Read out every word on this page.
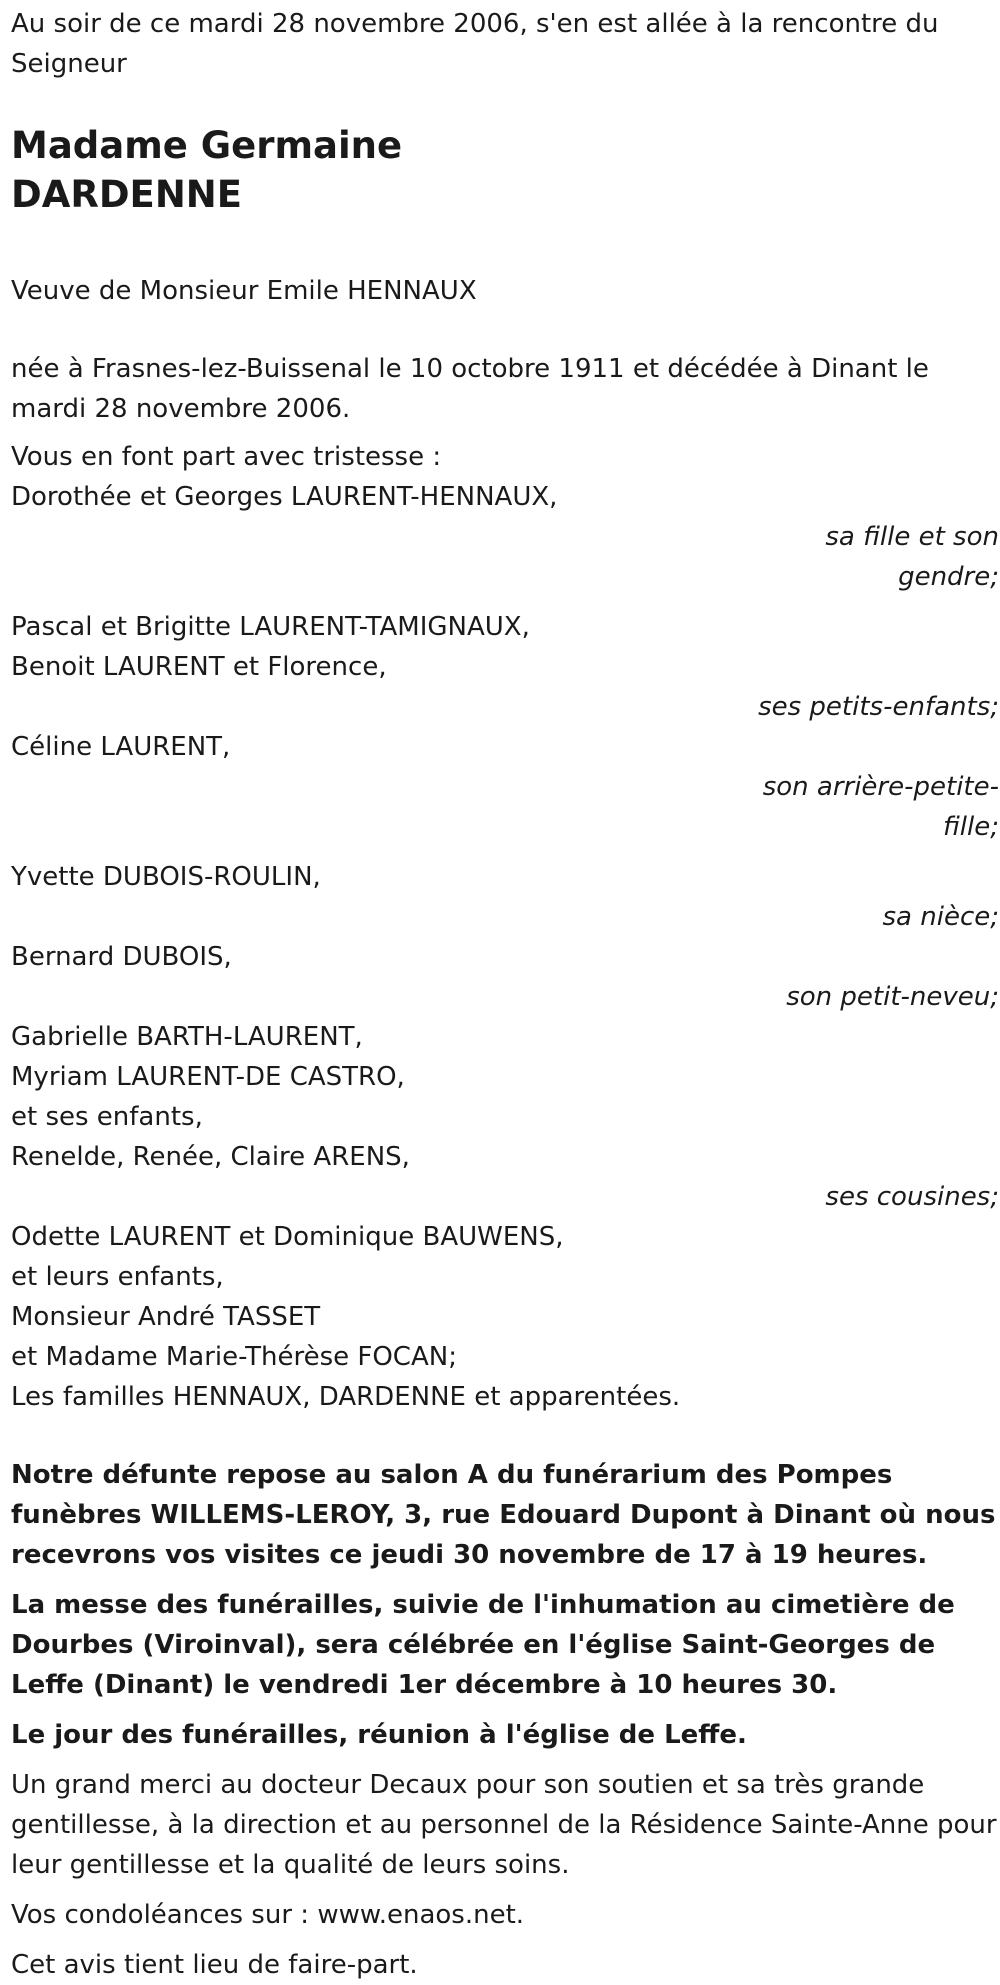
Au soir de ce mardi 28 novembre 2006, s'en est allée à la rencontre du Seigneur

Madame Germaine
DARDENNE

Veuve de Monsieur Emile HENNAUX

née à Frasnes-lez-Buissenal le 10 octobre 1911 et décédée à Dinant le mardi 28 novembre 2006.

Vous en font part avec tristesse :

Dorothée et Georges LAURENT-HENNAUX,
sa fille et son gendre;
Pascal et Brigitte LAURENT-TAMIGNAUX,
Benoit LAURENT et Florence,
ses petits-enfants;
Céline LAURENT,
son arrière-petite-fille;
Yvette DUBOIS-ROULIN,
sa nièce;
Bernard DUBOIS,
son petit-neveu;
Gabrielle BARTH-LAURENT,
Myriam LAURENT-DE CASTRO,
et ses enfants,
Renelde, Renée, Claire ARENS,
ses cousines;
Odette LAURENT et Dominique BAUWENS,
et leurs enfants,
Monsieur André TASSET
et Madame Marie-Thérèse FOCAN;
Les familles HENNAUX, DARDENNE et apparentées.

Notre défunte repose au salon A du funérarium des Pompes funèbres WILLEMS-LEROY, 3, rue Edouard Dupont à Dinant où nous recevrons vos visites ce jeudi 30 novembre de 17 à 19 heures.

La messe des funérailles, suivie de l'inhumation au cimetière de Dourbes (Viroinval), sera célébrée en l'église Saint-Georges de Leffe (Dinant) le vendredi 1er décembre à 10 heures 30.

Le jour des funérailles, réunion à l'église de Leffe.

Un grand merci au docteur Decaux pour son soutien et sa très grande gentillesse, à la direction et au personnel de la Résidence Sainte-Anne pour leur gentillesse et la qualité de leurs soins.

Vos condoléances sur : www.enaos.net.

Cet avis tient lieu de faire-part.
